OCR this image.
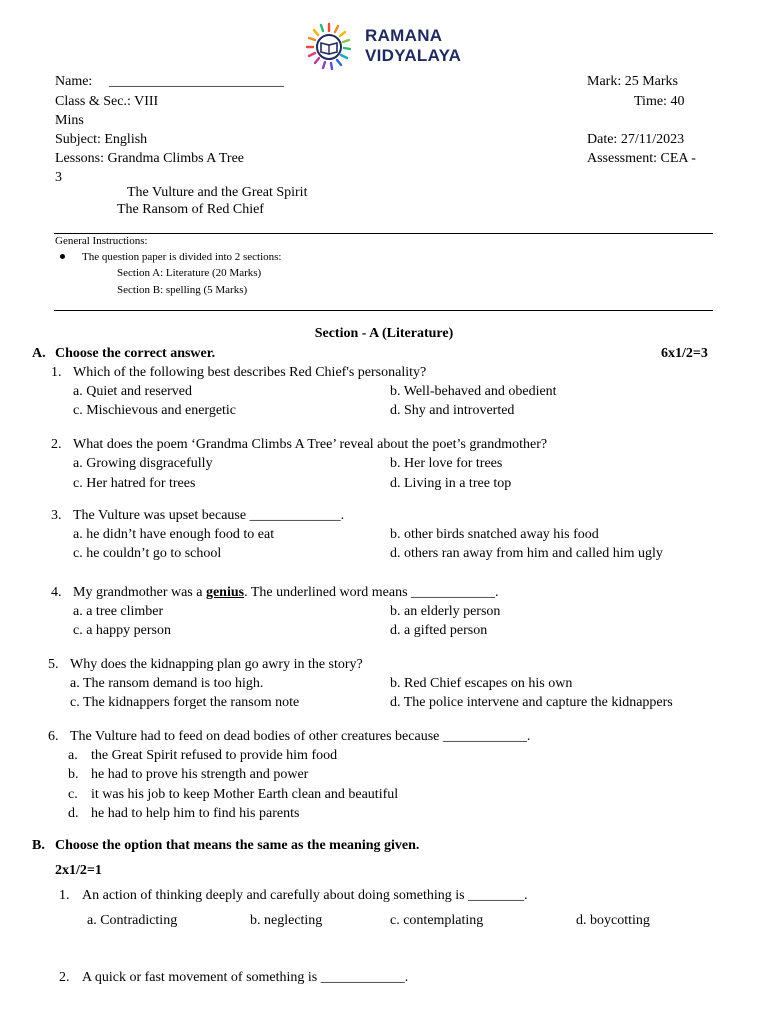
RAMANA
VIDYALAYA
Name: _________________________	Mark: 25 Marks
Class & Sec.: VIII	Time: 40
Mins
Subject: English	Date: 27/11/2023
Lessons: Grandma Climbs A Tree	Assessment: CEA -
3
The Vulture and the Great Spirit
The Ransom of Red Chief
General Instructions:
The question paper is divided into 2 sections:
Section A: Literature (20 Marks)
Section B: spelling (5 Marks)
Section - A (Literature)
A. Choose the correct answer.	6x1/2=3
1. Which of the following best describes Red Chief's personality?
a. Quiet and reserved	b. Well-behaved and obedient
c. Mischievous and energetic	d. Shy and introverted
2. What does the poem ‘Grandma Climbs A Tree’ reveal about the poet’s grandmother?
a. Growing disgracefully	b. Her love for trees
c. Her hatred for trees	d. Living in a tree top
3. The Vulture was upset because _____________.
a. he didn’t have enough food to eat	b. other birds snatched away his food
c. he couldn’t go to school	d. others ran away from him and called him ugly
4. My grandmother was a genius. The underlined word means ____________.
a. a tree climber	b. an elderly person
c. a happy person	d. a gifted person
5. Why does the kidnapping plan go awry in the story?
a. The ransom demand is too high.	b. Red Chief escapes on his own
c. The kidnappers forget the ransom note	d. The police intervene and capture the kidnappers
6. The Vulture had to feed on dead bodies of other creatures because ____________.
a. the Great Spirit refused to provide him food
b. he had to prove his strength and power
c. it was his job to keep Mother Earth clean and beautiful
d. he had to help him to find his parents
B. Choose the option that means the same as the meaning given.
2x1/2=1
1. An action of thinking deeply and carefully about doing something is ________.
a. Contradicting	b. neglecting	c. contemplating	d. boycotting
2. A quick or fast movement of something is ____________.
